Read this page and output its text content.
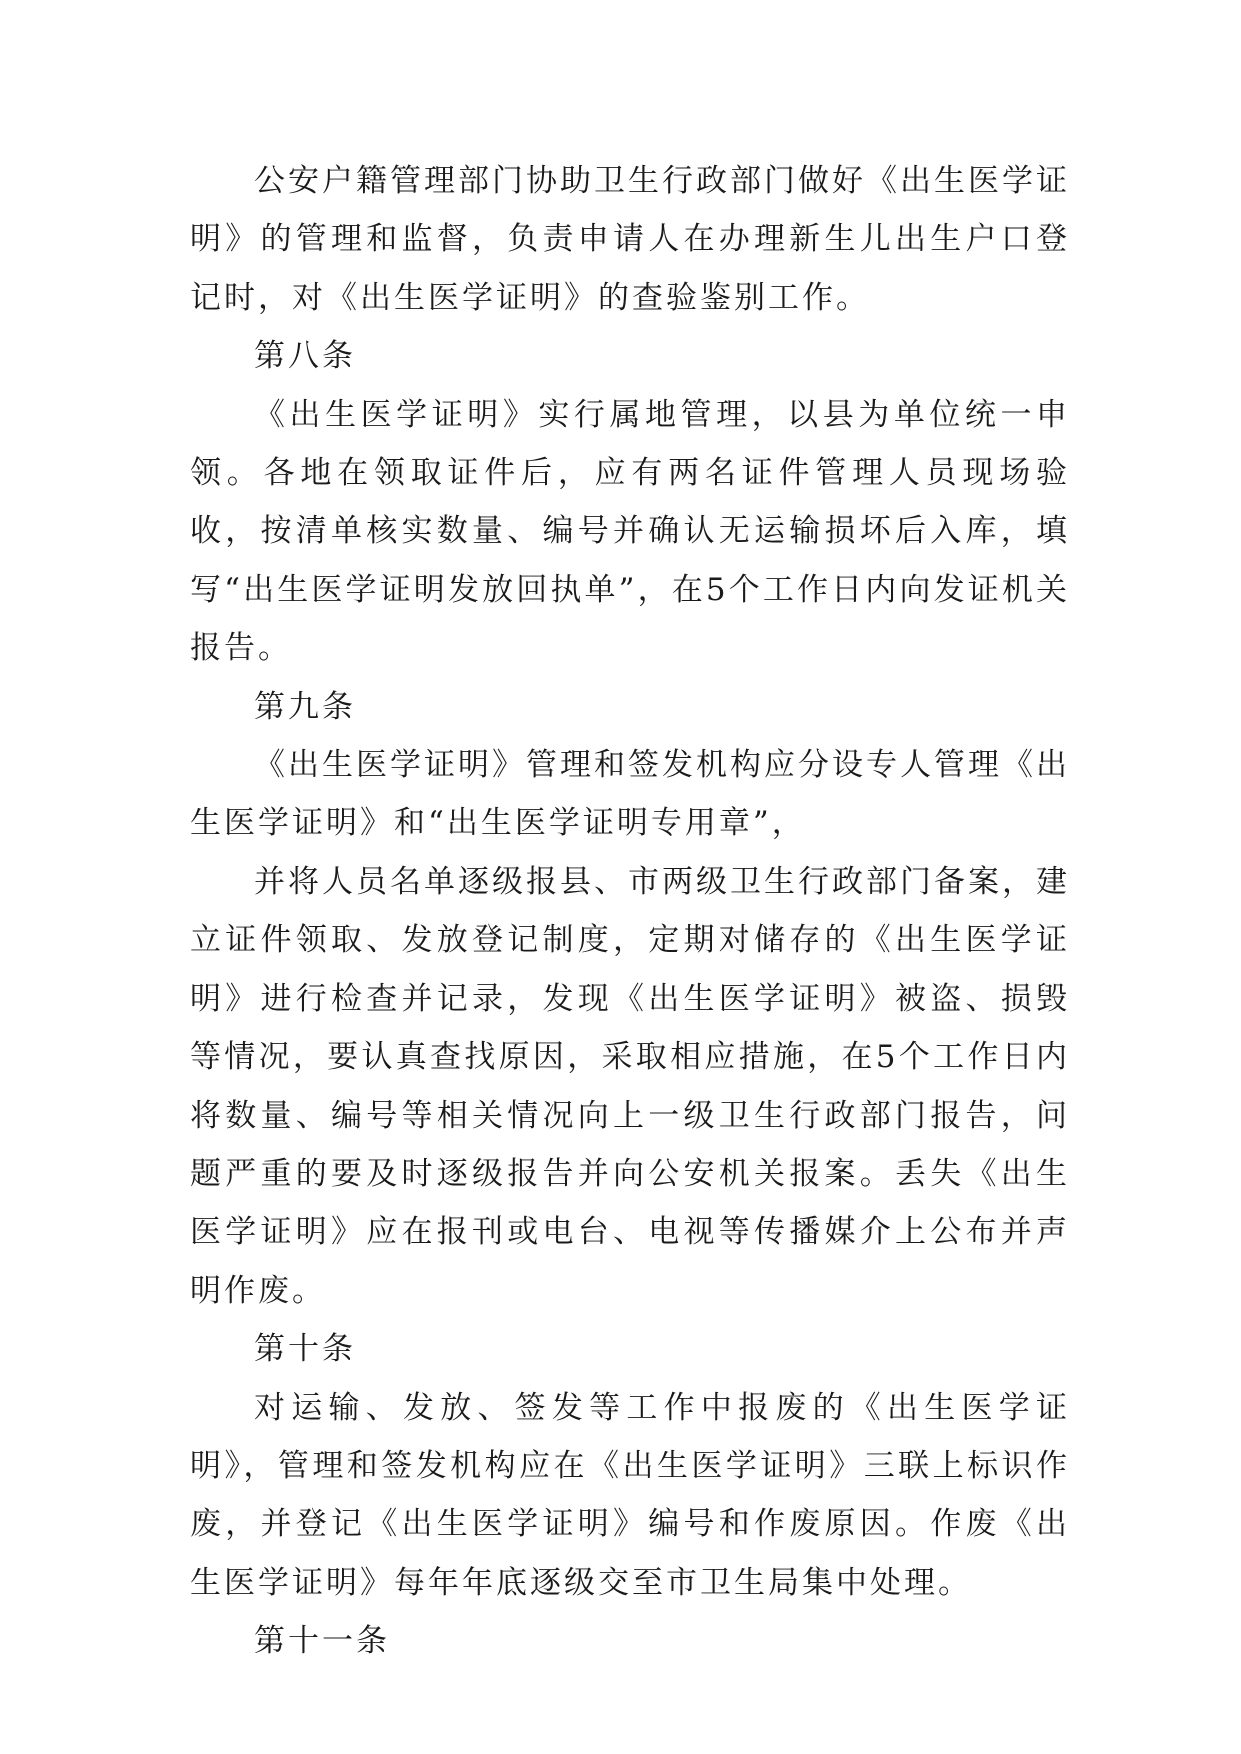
公安户籍管理部门协助卫生行政部门做好《出生医学证明》的管理和监督，负责申请人在办理新生儿出生户口登记时，对《出生医学证明》的查验鉴别工作。

第八条

《出生医学证明》实行属地管理，以县为单位统一申领。各地在领取证件后，应有两名证件管理人员现场验收，按清单核实数量、编号并确认无运输损坏后入库，填写“出生医学证明发放回执单”，在5个工作日内向发证机关报告。

第九条

《出生医学证明》管理和签发机构应分设专人管理《出生医学证明》和“出生医学证明专用章”，

并将人员名单逐级报县、市两级卫生行政部门备案，建立证件领取、发放登记制度，定期对储存的《出生医学证明》进行检查并记录，发现《出生医学证明》被盗、损毁等情况，要认真查找原因，采取相应措施，在5个工作日内将数量、编号等相关情况向上一级卫生行政部门报告，问题严重的要及时逐级报告并向公安机关报案。丢失《出生医学证明》应在报刊或电台、电视等传播媒介上公布并声明作废。

第十条

对运输、发放、签发等工作中报废的《出生医学证明》，管理和签发机构应在《出生医学证明》三联上标识作废，并登记《出生医学证明》编号和作废原因。作废《出生医学证明》每年年底逐级交至市卫生局集中处理。

第十一条
